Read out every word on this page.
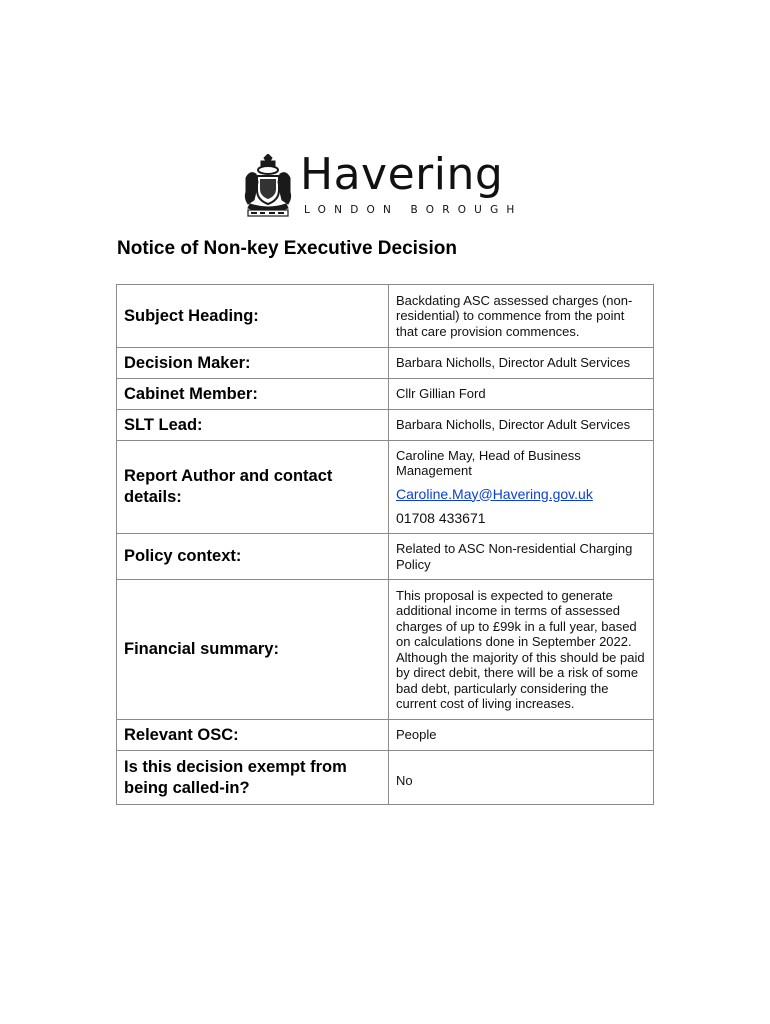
Havering
LONDON BOROUGH
Notice of Non-key Executive Decision
Subject Heading:	Backdating ASC assessed charges (non-residential) to commence from the point that care provision commences.
Decision Maker:	Barbara Nicholls, Director Adult Services
Cabinet Member:	Cllr Gillian Ford
SLT Lead:	Barbara Nicholls, Director Adult Services
Report Author and contact details:	Caroline May, Head of Business Management
Caroline.May@Havering.gov.uk
01708 433671

Policy context:	Related to ASC Non-residential Charging Policy
Financial summary:	This proposal is expected to generate additional income in terms of assessed charges of up to £99k in a full year, based on calculations done in September 2022. Although the majority of this should be paid by direct debit, there will be a risk of some bad debt, particularly considering the current cost of living increases.
Relevant OSC:	People
Is this decision exempt from being called-in?	No
